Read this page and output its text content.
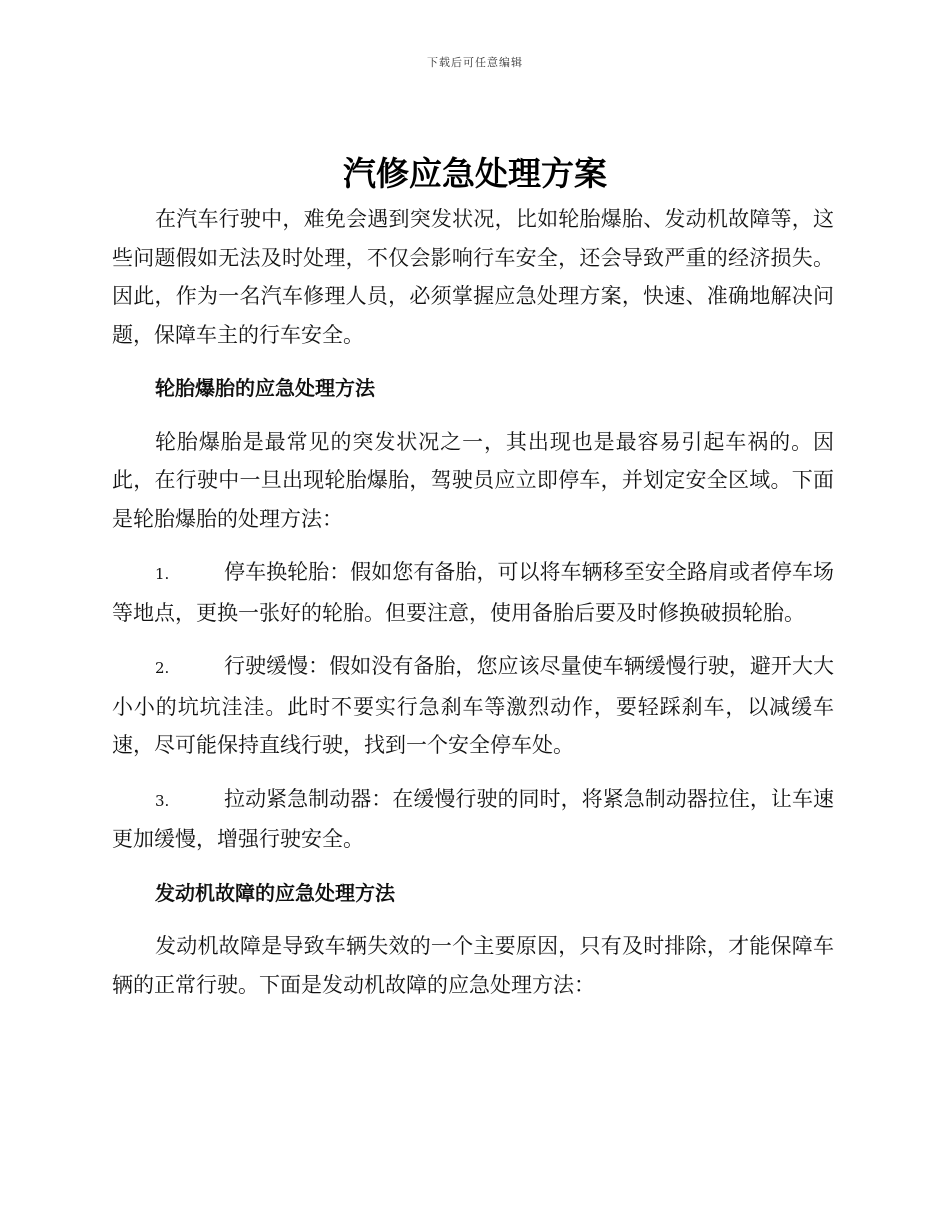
下载后可任意编辑
汽修应急处理方案

在汽车行驶中，难免会遇到突发状况，比如轮胎爆胎、发动机故障等，这些问题假如无法及时处理，不仅会影响行车安全，还会导致严重的经济损失。因此，作为一名汽车修理人员，必须掌握应急处理方案，快速、准确地解决问题，保障车主的行车安全。

轮胎爆胎的应急处理方法

轮胎爆胎是最常见的突发状况之一，其出现也是最容易引起车祸的。因此，在行驶中一旦出现轮胎爆胎，驾驶员应立即停车，并划定安全区域。下面是轮胎爆胎的处理方法：

1.	停车换轮胎：假如您有备胎，可以将车辆移至安全路肩或者停车场等地点，更换一张好的轮胎。但要注意，使用备胎后要及时修换破损轮胎。

2.	行驶缓慢：假如没有备胎，您应该尽量使车辆缓慢行驶，避开大大小小的坑坑洼洼。此时不要实行急刹车等激烈动作，要轻踩刹车，以减缓车速，尽可能保持直线行驶，找到一个安全停车处。

3.	拉动紧急制动器：在缓慢行驶的同时，将紧急制动器拉住，让车速更加缓慢，增强行驶安全。

发动机故障的应急处理方法

发动机故障是导致车辆失效的一个主要原因，只有及时排除，才能保障车辆的正常行驶。下面是发动机故障的应急处理方法：
